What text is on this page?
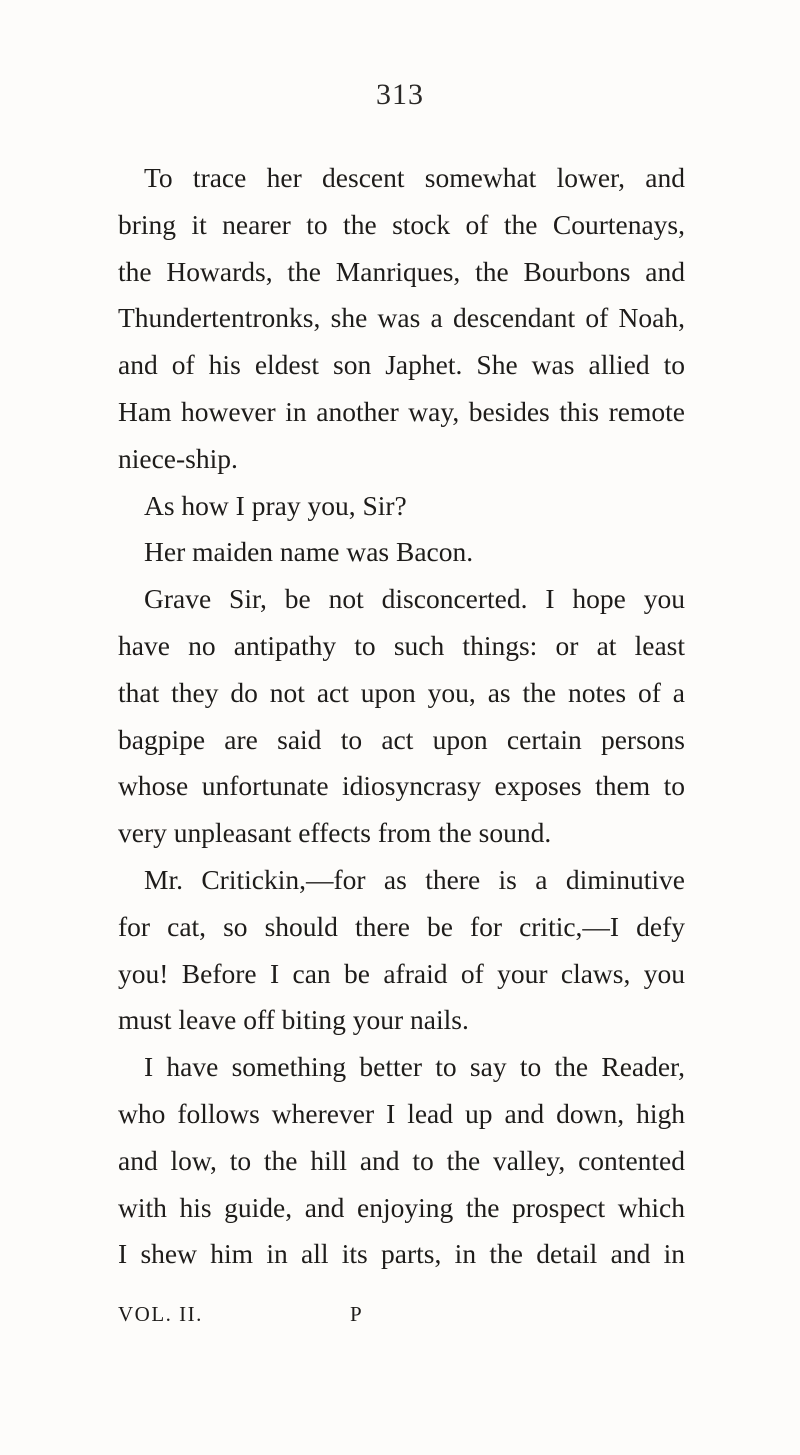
313
To trace her descent somewhat lower, and
bring it nearer to the stock of the Courtenays,
the Howards, the Manriques, the Bourbons and
Thundertentronks, she was a descendant of Noah,
and of his eldest son Japhet. She was allied to
Ham however in another way, besides this remote
niece-ship.
As how I pray you, Sir?
Her maiden name was Bacon.
Grave Sir, be not disconcerted. I hope you
have no antipathy to such things: or at least
that they do not act upon you, as the notes of a
bagpipe are said to act upon certain persons
whose unfortunate idiosyncrasy exposes them to
very unpleasant effects from the sound.
Mr. Critickin,—for as there is a diminutive
for cat, so should there be for critic,—I defy
you! Before I can be afraid of your claws, you
must leave off biting your nails.
I have something better to say to the Reader,
who follows wherever I lead up and down, high
and low, to the hill and to the valley, contented
with his guide, and enjoying the prospect which
I shew him in all its parts, in the detail and in
VOL. II.	P
